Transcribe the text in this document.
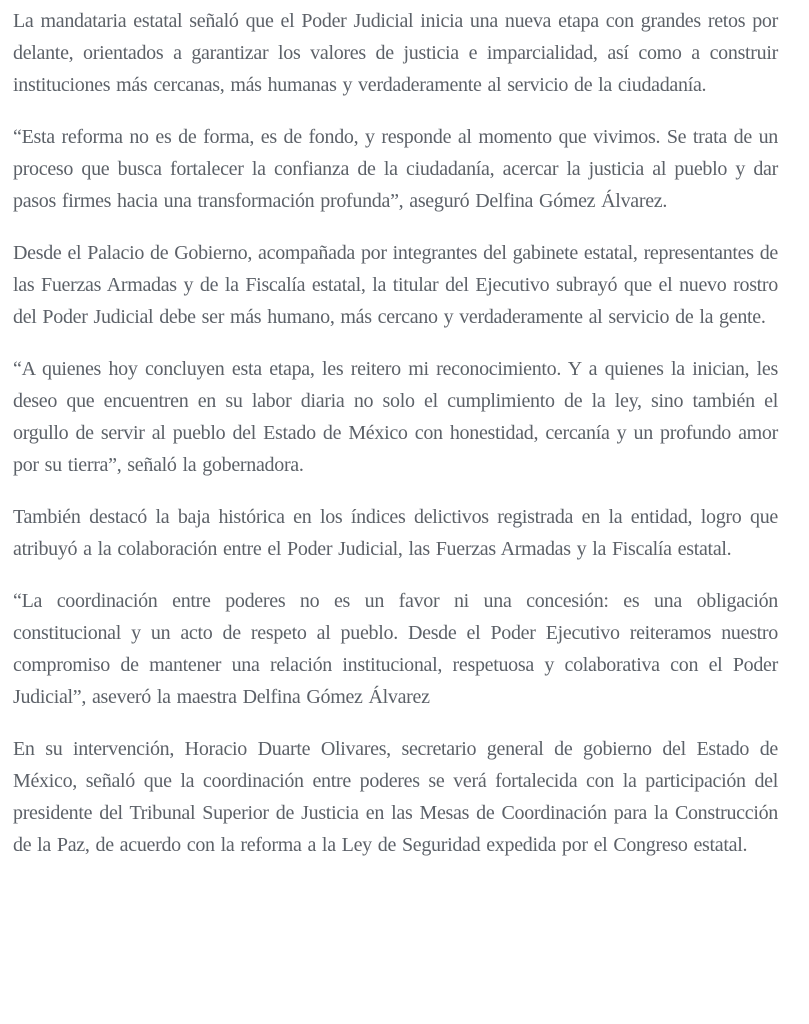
La mandataria estatal señaló que el Poder Judicial inicia una nueva etapa con grandes retos por delante, orientados a garantizar los valores de justicia e imparcialidad, así como a construir instituciones más cercanas, más humanas y verdaderamente al servicio de la ciudadanía.

“Esta reforma no es de forma, es de fondo, y responde al momento que vivimos. Se trata de un proceso que busca fortalecer la confianza de la ciudadanía, acercar la justicia al pueblo y dar pasos firmes hacia una transformación profunda”, aseguró Delfina Gómez Álvarez.

Desde el Palacio de Gobierno, acompañada por integrantes del gabinete estatal, representantes de las Fuerzas Armadas y de la Fiscalía estatal, la titular del Ejecutivo subrayó que el nuevo rostro del Poder Judicial debe ser más humano, más cercano y verdaderamente al servicio de la gente.

“A quienes hoy concluyen esta etapa, les reitero mi reconocimiento. Y a quienes la inician, les deseo que encuentren en su labor diaria no solo el cumplimiento de la ley, sino también el orgullo de servir al pueblo del Estado de México con honestidad, cercanía y un profundo amor por su tierra”, señaló la gobernadora.

También destacó la baja histórica en los índices delictivos registrada en la entidad, logro que atribuyó a la colaboración entre el Poder Judicial, las Fuerzas Armadas y la Fiscalía estatal.

“La coordinación entre poderes no es un favor ni una concesión: es una obligación constitucional y un acto de respeto al pueblo. Desde el Poder Ejecutivo reiteramos nuestro compromiso de mantener una relación institucional, respetuosa y colaborativa con el Poder Judicial”, aseveró la maestra Delfina Gómez Álvarez

En su intervención, Horacio Duarte Olivares, secretario general de gobierno del Estado de México, señaló que la coordinación entre poderes se verá fortalecida con la participación del presidente del Tribunal Superior de Justicia en las Mesas de Coordinación para la Construcción de la Paz, de acuerdo con la reforma a la Ley de Seguridad expedida por el Congreso estatal.
